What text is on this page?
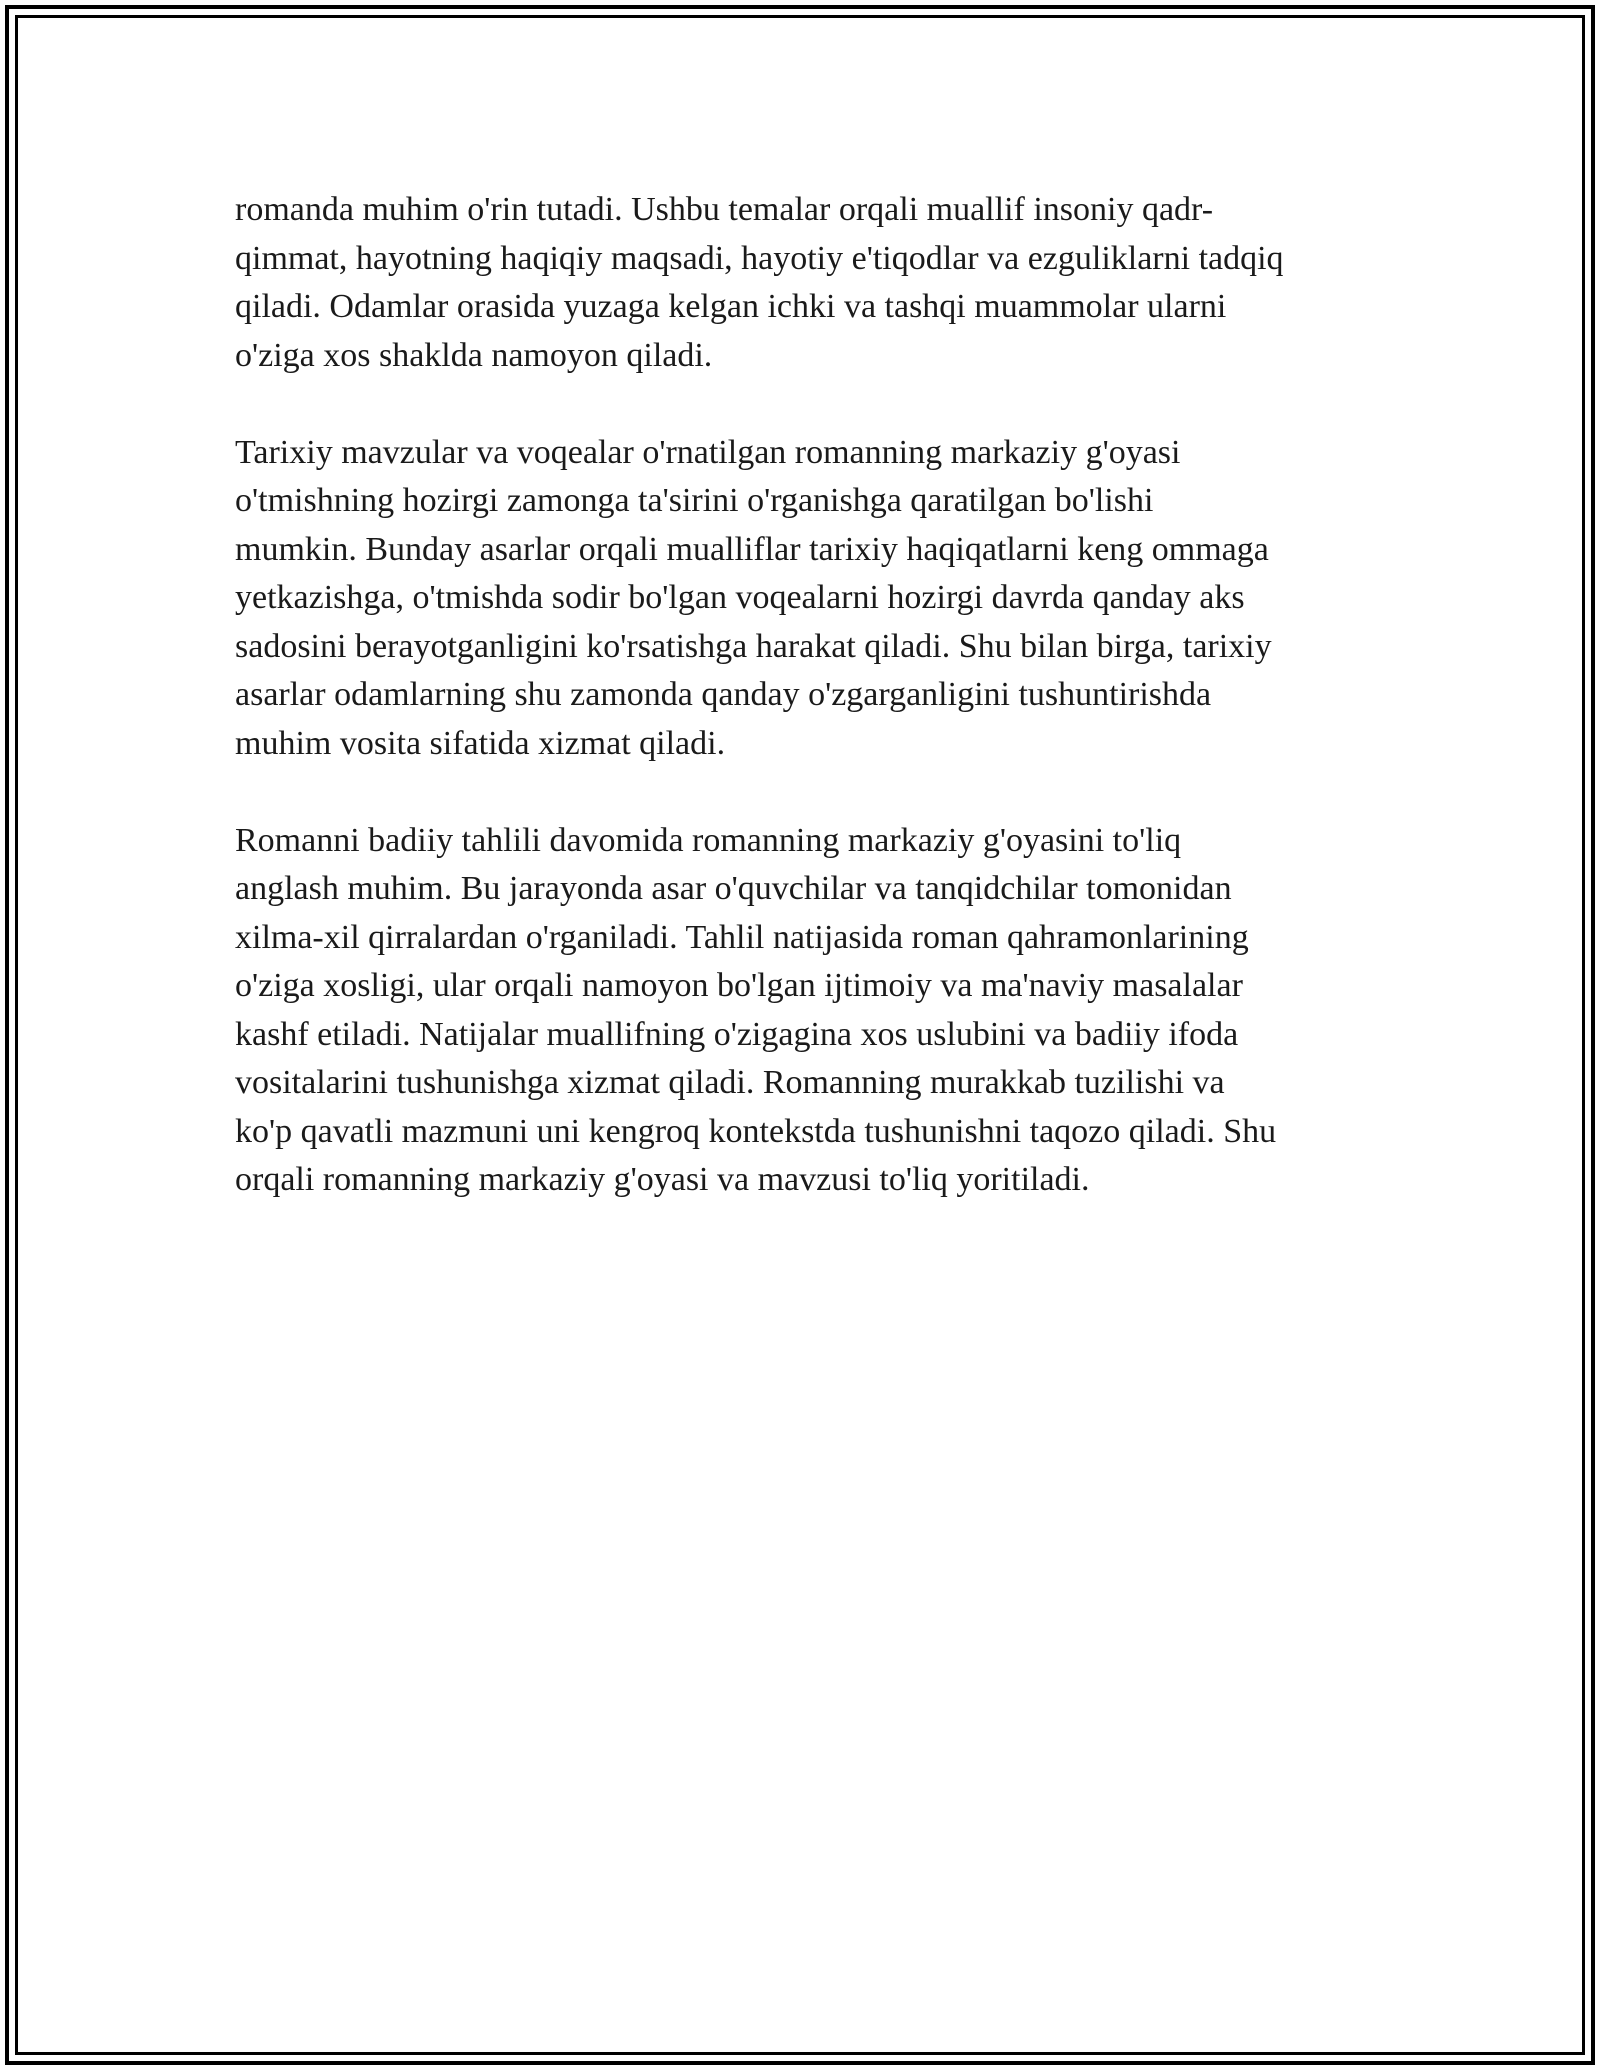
romanda muhim o'rin tutadi. Ushbu temalar orqali muallif insoniy qadr-
qimmat, hayotning haqiqiy maqsadi, hayotiy e'tiqodlar va ezguliklarni tadqiq
qiladi. Odamlar orasida yuzaga kelgan ichki va tashqi muammolar ularni
o'ziga xos shaklda namoyon qiladi.

Tarixiy mavzular va voqealar o'rnatilgan romanning markaziy g'oyasi
o'tmishning hozirgi zamonga ta'sirini o'rganishga qaratilgan bo'lishi
mumkin. Bunday asarlar orqali mualliflar tarixiy haqiqatlarni keng ommaga
yetkazishga, o'tmishda sodir bo'lgan voqealarni hozirgi davrda qanday aks
sadosini berayotganligini ko'rsatishga harakat qiladi. Shu bilan birga, tarixiy
asarlar odamlarning shu zamonda qanday o'zgarganligini tushuntirishda
muhim vosita sifatida xizmat qiladi.

Romanni badiiy tahlili davomida romanning markaziy g'oyasini to'liq
anglash muhim. Bu jarayonda asar o'quvchilar va tanqidchilar tomonidan
xilma-xil qirralardan o'rganiladi. Tahlil natijasida roman qahramonlarining
o'ziga xosligi, ular orqali namoyon bo'lgan ijtimoiy va ma'naviy masalalar
kashf etiladi. Natijalar muallifning o'zigagina xos uslubini va badiiy ifoda
vositalarini tushunishga xizmat qiladi. Romanning murakkab tuzilishi va
ko'p qavatli mazmuni uni kengroq kontekstda tushunishni taqozo qiladi. Shu
orqali romanning markaziy g'oyasi va mavzusi to'liq yoritiladi.
